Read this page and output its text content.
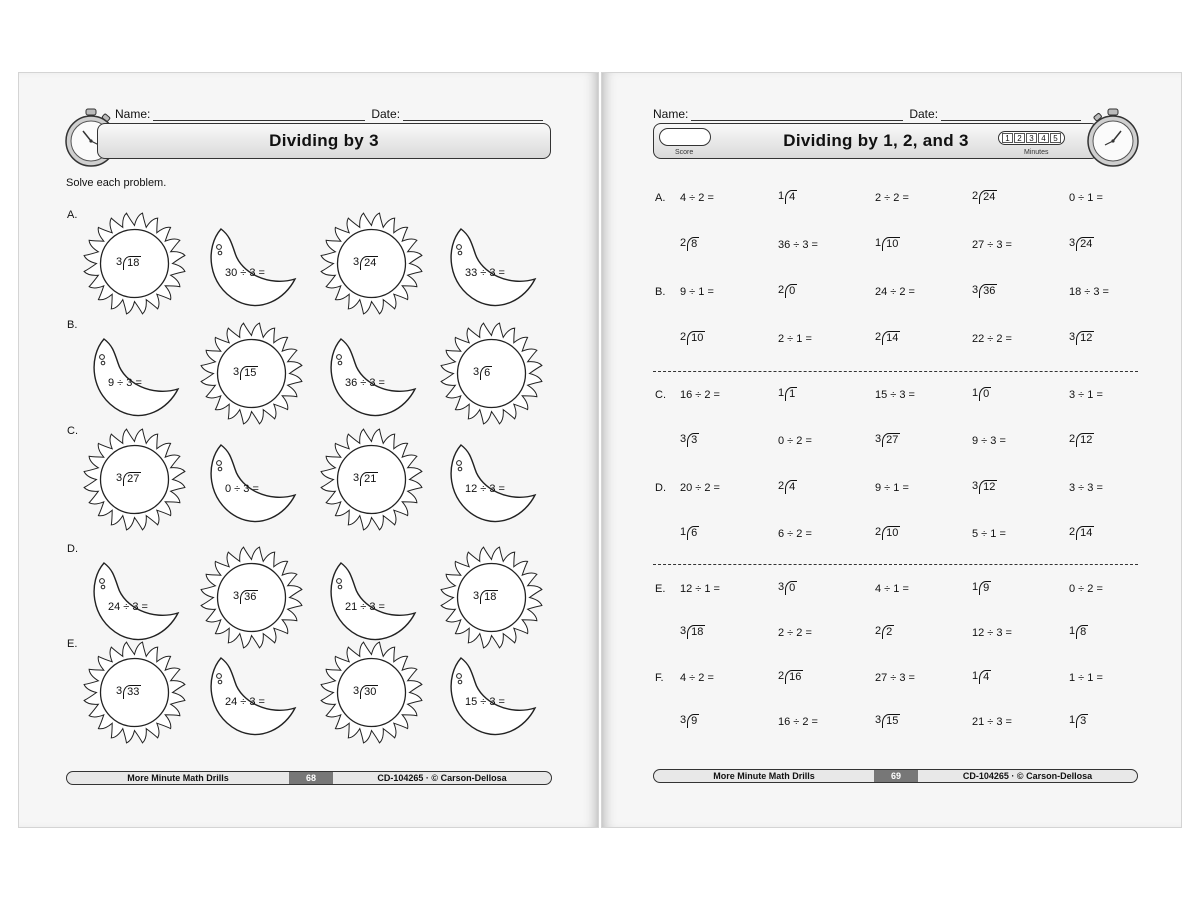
Name:	Date:
Dividing by 3
Solve each problem.
A.
3 18
30 ÷ 3 =
3 24
33 ÷ 3 =
B.
9 ÷ 3 =
3 15
36 ÷ 3 =
3 6
C.
3 27
0 ÷ 3 =
3 21
12 ÷ 3 =
D.
24 ÷ 3 =
3 36
21 ÷ 3 =
3 18
E.
3 33
24 ÷ 3 =
3 30
15 ÷ 3 =
More Minute Math Drills	68	CD-104265 · © Carson-Dellosa
Name:	Date:
Dividing by 1, 2, and 3
Score
1 2 3 4 5
Minutes
A. 4 ÷ 2 =	1 4	2 ÷ 2 =	2 24	0 ÷ 1 =
2 8	36 ÷ 3 =	1 10	27 ÷ 3 =	3 24
B. 9 ÷ 1 =	2 0	24 ÷ 2 =	3 36	18 ÷ 3 =
2 10	2 ÷ 1 =	2 14	22 ÷ 2 =	3 12
C. 16 ÷ 2 =	1 1	15 ÷ 3 =	1 0	3 ÷ 1 =
3 3	0 ÷ 2 =	3 27	9 ÷ 3 =	2 12
D. 20 ÷ 2 =	2 4	9 ÷ 1 =	3 12	3 ÷ 3 =
1 6	6 ÷ 2 =	2 10	5 ÷ 1 =	2 14
E. 12 ÷ 1 =	3 0	4 ÷ 1 =	1 9	0 ÷ 2 =
3 18	2 ÷ 2 =	2 2	12 ÷ 3 =	1 8
F. 4 ÷ 2 =	2 16	27 ÷ 3 =	1 4	1 ÷ 1 =
3 9	16 ÷ 2 =	3 15	21 ÷ 3 =	1 3
More Minute Math Drills	69	CD-104265 · © Carson-Dellosa
